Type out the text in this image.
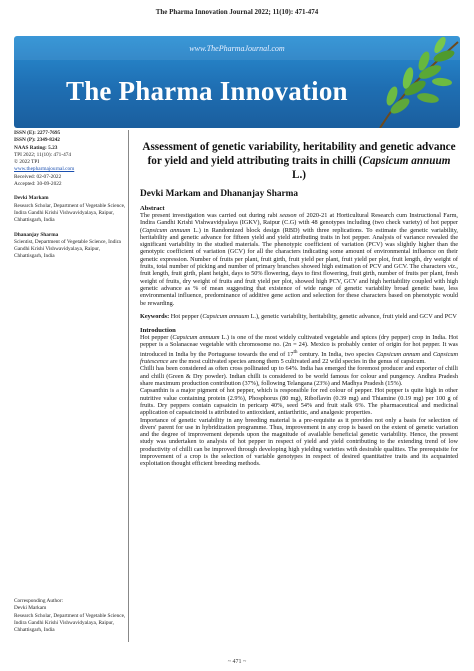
The Pharma Innovation Journal 2022; 11(10): 471-474
www.ThePharmaJournal.com
The Pharma Innovation
ISSN (E): 2277-7695
ISSN (P): 2349-8242
NAAS Rating: 5.23
TPI 2022; 11(10): 471-474
© 2022 TPI
www.thepharmajournal.com
Received: 02-07-2022
Accepted: 30-09-2022
Devki Markam
Research Scholar, Department of Vegetable Science, Indira Gandhi Krishi Vishwavidyalaya, Raipur, Chhattisgarh, India
Dhananjay Sharma
Scientist, Department of Vegetable Science, Indira Gandhi Krishi Vishwavidyalaya, Raipur, Chhattisgarh, India
Corresponding Author:
Devki Markam
Research Scholar, Department of Vegetable Science, Indira Gandhi Krishi Vishwavidyalaya, Raipur, Chhattisgarh, India
Assessment of genetic variability, heritability and genetic advance for yield and yield attributing traits in chilli (Capsicum annuum L.)
Devki Markam and Dhananjay Sharma
Abstract
The present investigation was carried out during rabi season of 2020-21 at Horticultural Research cum Instructional Farm, Indira Gandhi Krishi Vishwavidyalaya (IGKV), Raipur (C.G) with 48 genotypes including (two check variety) of hot pepper (Capsicum annuum L.) in Randomized block design (RBD) with three replications. To estimate the genetic variability, heritability and genetic advance for fifteen yield and yield attributing traits in hot pepper. Analysis of variance revealed the significant variability in the studied materials. The phenotypic coefficient of variation (PCV) was slightly higher than the genotypic coefficient of variation (GCV) for all the characters indicating some amount of environmental influence on their genetic expression. Number of fruits per plant, fruit girth, fruit yield per plant, fruit yield per plot, fruit length, dry weight of fruits, total number of picking and number of primary branches showed high estimation of PCV and GCV. The characters viz., fruit length, fruit girth, plant height, days to 50% flowering, days to first flowering, fruit girth, number of fruits per plant, fresh weight of fruits, dry weight of fruits and fruit yield per plot, showed high PCV, GCV and high heritability coupled with high genetic advance as % of mean suggesting that existence of wide range of genetic variability broad genetic base, less environmental influence, predominance of additive gene action and selection for these characters based on phenotypic would be rewarding.
Keywords: Hot pepper (Capsicum annuum L.), genetic variability, heritability, genetic advance, fruit yield and GCV and PCV
Introduction
Hot pepper (Capsicum annuum L.) is one of the most widely cultivated vegetable and spices (dry pepper) crop in India. Hot pepper is a Solanaceae vegetable with chromosome no. (2n = 24). Mexico is probably center of origin for hot pepper. It was introduced in India by the Portuguese towards the end of 17th century. In India, two species Capsicum annum and Capsicum frutescence are the most cultivated species among them 5 cultivated and 22 wild species in the genus of capsicum.
Chilli has been considered as often cross pollinated up to 64%. India has emerged the foremost producer and exporter of chilli and chilli (Green & Dry powder). Indian chilli is considered to be world famous for colour and pungency. Andhra Pradesh share maximum production contribution (37%), following Telangana (23%) and Madhya Pradesh (15%).
Capsanthin is a major pigment of hot pepper, which is responsible for red colour of pepper. Hot pepper is quite high in other nutritive value containing protein (2.9%), Phosphorus (80 mg), Riboflavin (0.39 mg) and Thiamine (0.19 mg) per 100 g of fruits. Dry peppers contain capsaicin in pericarp 40%, seed 54% and fruit stalk 6%. The pharmaceutical and medicinal application of capsaicinoid is attributed to antioxidant, antiarthritic, and analgesic properties.
Importance of genetic variability in any breeding material is a pre-requisite as it provides not only a basis for selection of divers' parent for use in hybridization programme. Thus, improvement in any crop is based on the extent of genetic variation and the degree of improvement depends upon the magnitude of available beneficial genetic variability. Hence, the present study was undertaken to analysis of hot pepper in respect of yield and yield contributing to the extending trend of low productivity of chilli can be improved through developing high yielding varieties with desirable qualities. The prerequisite for improvement of a crop is the selection of variable genotypes in respect of desired quantitative traits and its acquainted exploitation thought efficient breeding methods.
~ 471 ~
